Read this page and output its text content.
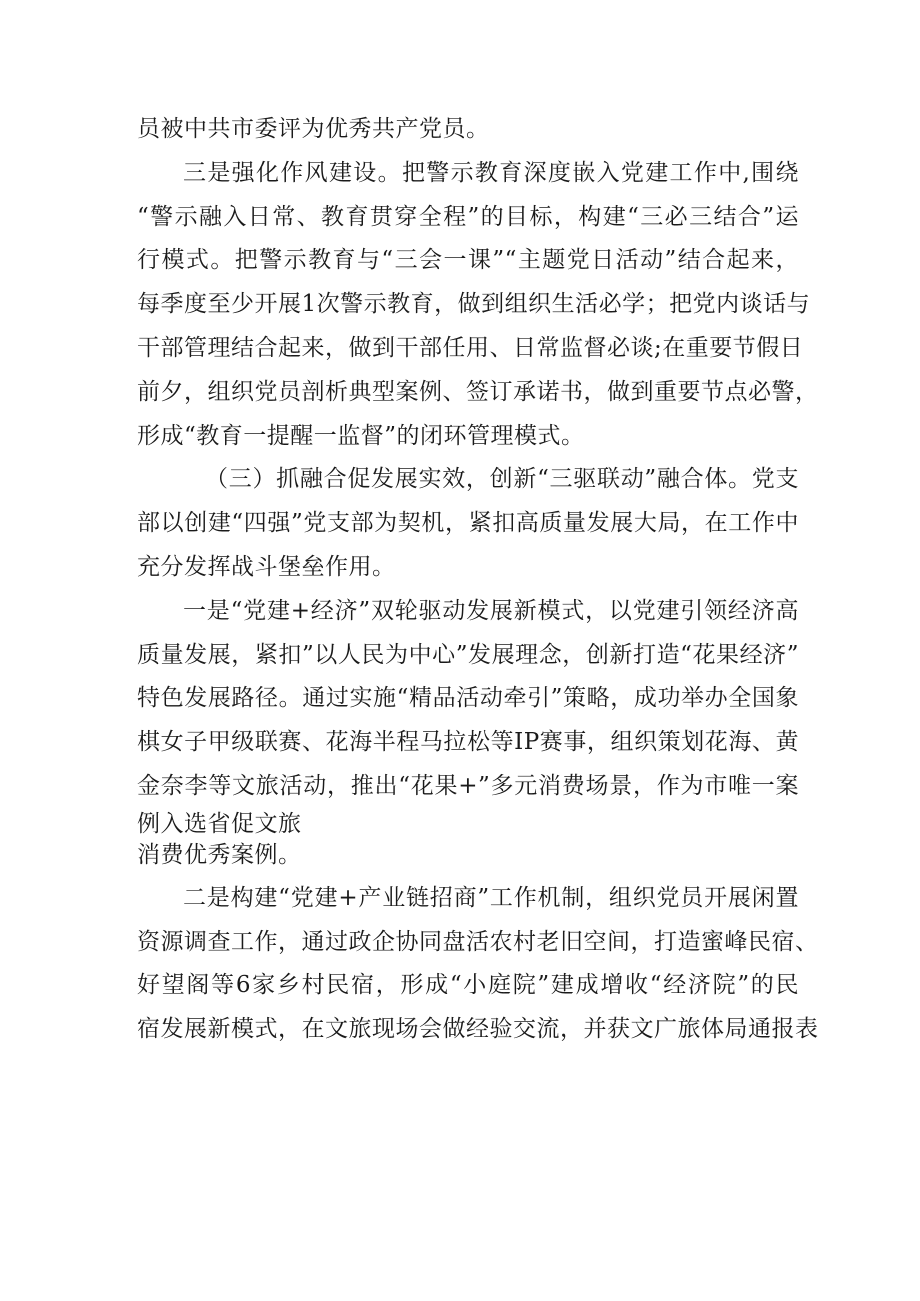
员被中共市委评为优秀共产党员。
三是强化作风建设。把警示教育深度嵌入党建工作中,围绕
“警示融入日常、教育贯穿全程”的目标，构建“三必三结合”运
行模式。把警示教育与“三会一课”“主题党日活动”结合起来，
每季度至少开展1次警示教育，做到组织生活必学；把党内谈话与
干部管理结合起来，做到干部任用、日常监督必谈;在重要节假日
前夕，组织党员剖析典型案例、签订承诺书，做到重要节点必警，
形成“教育一提醒一监督”的闭环管理模式。
（三）抓融合促发展实效，创新“三驱联动”融合体。党支
部以创建“四强”党支部为契机，紧扣高质量发展大局，在工作中
充分发挥战斗堡垒作用。
一是“党建+经济”双轮驱动发展新模式，以党建引领经济高
质量发展，紧扣”以人民为中心”发展理念，创新打造“花果经济”
特色发展路径。通过实施“精品活动牵引”策略，成功举办全国象
棋女子甲级联赛、花海半程马拉松等IP赛事，组织策划花海、黄
金奈李等文旅活动，推出“花果+”多元消费场景，作为市唯一案
例入选省促文旅
消费优秀案例。
二是构建“党建+产业链招商”工作机制，组织党员开展闲置
资源调查工作，通过政企协同盘活农村老旧空间，打造蜜峰民宿、
好望阁等6家乡村民宿，形成“小庭院”建成增收“经济院”的民
宿发展新模式，在文旅现场会做经验交流，并获文广旅体局通报表
